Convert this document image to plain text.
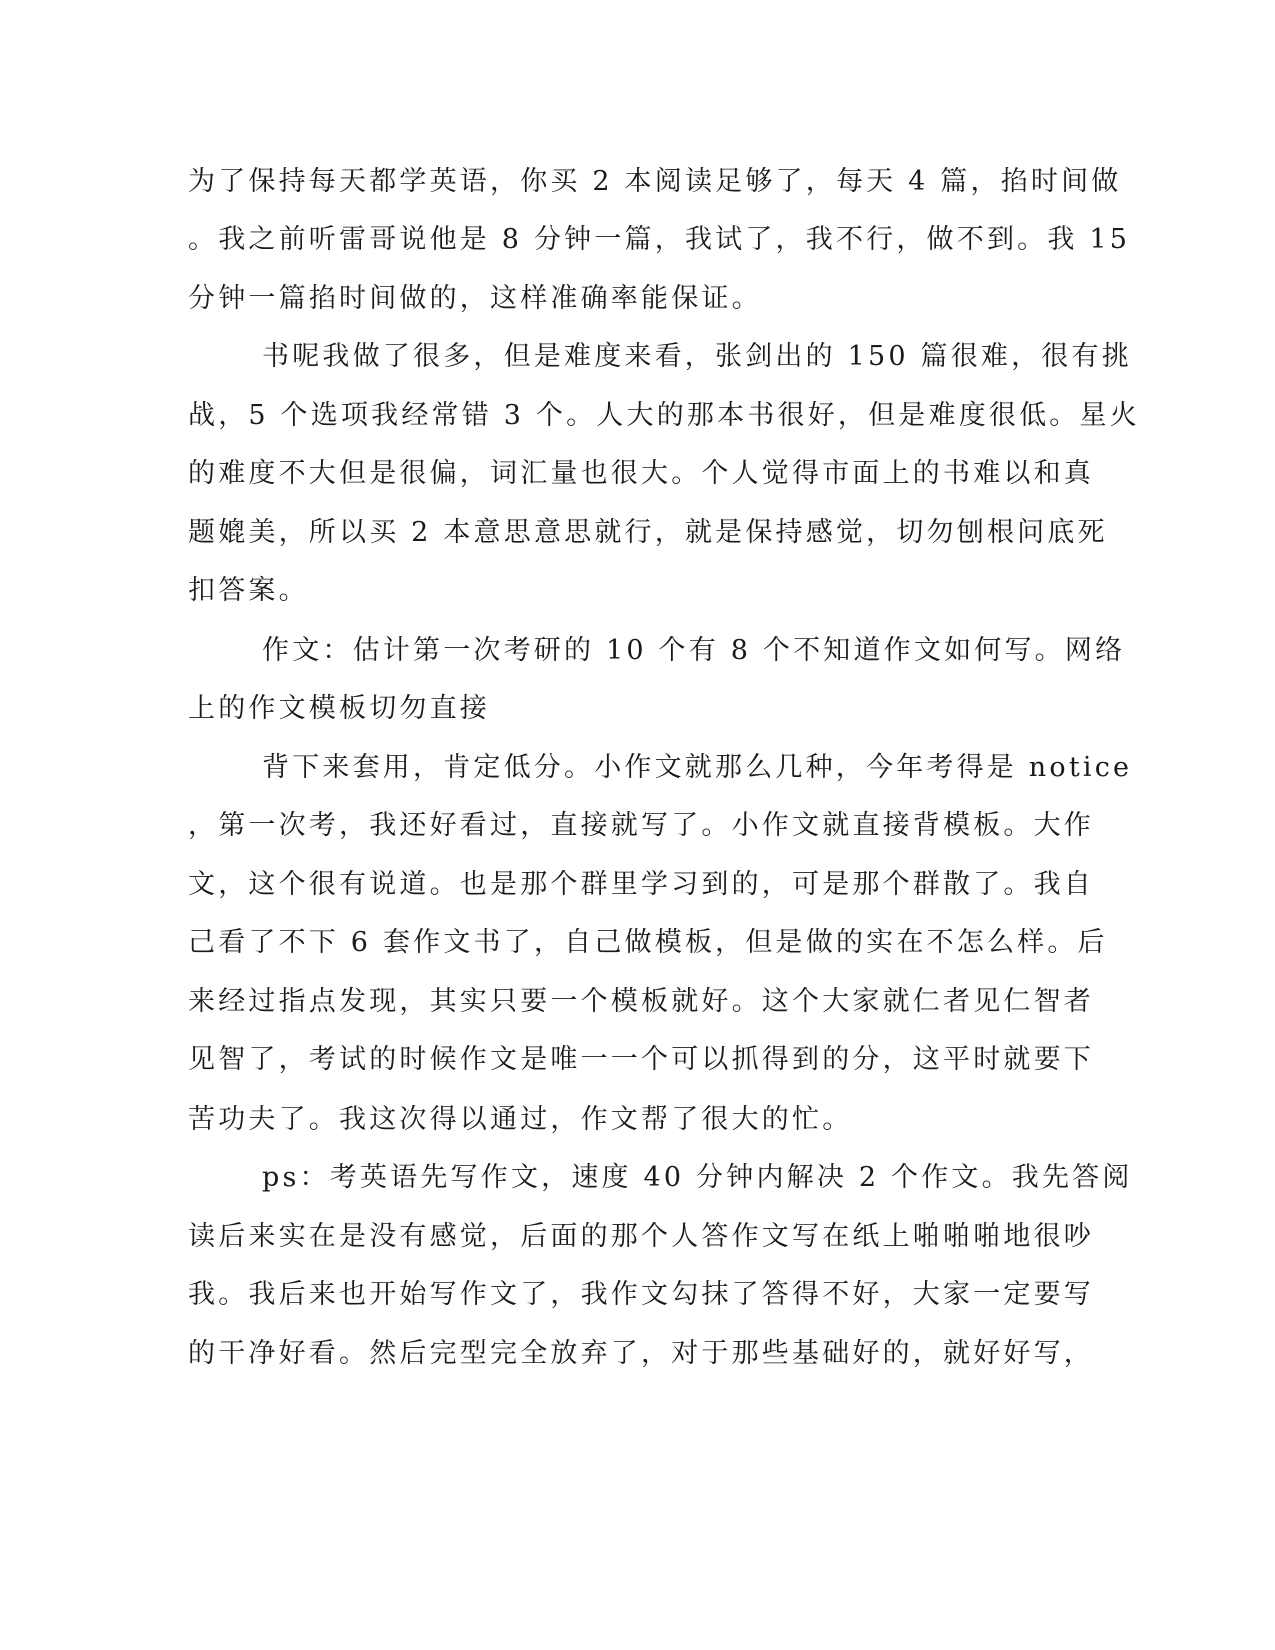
为了保持每天都学英语，你买 2 本阅读足够了，每天 4 篇，掐时间做
。我之前听雷哥说他是 8 分钟一篇，我试了，我不行，做不到。我 15
分钟一篇掐时间做的，这样准确率能保证。
书呢我做了很多，但是难度来看，张剑出的 150 篇很难，很有挑
战，5 个选项我经常错 3 个。人大的那本书很好，但是难度很低。星火
的难度不大但是很偏，词汇量也很大。个人觉得市面上的书难以和真
题媲美，所以买 2 本意思意思就行，就是保持感觉，切勿刨根问底死
扣答案。
作文：估计第一次考研的 10 个有 8 个不知道作文如何写。网络
上的作文模板切勿直接
背下来套用，肯定低分。小作文就那么几种，今年考得是 notice
，第一次考，我还好看过，直接就写了。小作文就直接背模板。大作
文，这个很有说道。也是那个群里学习到的，可是那个群散了。我自
己看了不下 6 套作文书了，自己做模板，但是做的实在不怎么样。后
来经过指点发现，其实只要一个模板就好。这个大家就仁者见仁智者
见智了，考试的时候作文是唯一一个可以抓得到的分，这平时就要下
苦功夫了。我这次得以通过，作文帮了很大的忙。
ps：考英语先写作文，速度 40 分钟内解决 2 个作文。我先答阅
读后来实在是没有感觉，后面的那个人答作文写在纸上啪啪啪地很吵
我。我后来也开始写作文了，我作文勾抹了答得不好，大家一定要写
的干净好看。然后完型完全放弃了，对于那些基础好的，就好好写，
